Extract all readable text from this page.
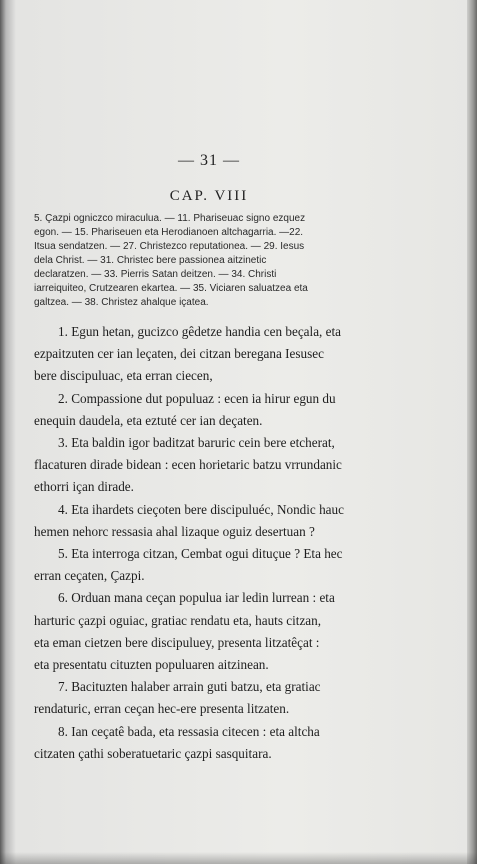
— 31 —
CAP. VIII
5. Çazpi ogniczco miraculua. — 11. Phariseuac signo ezquez
egon. — 15. Phariseuen eta Herodianoen altchagarria. —22.
Itsua sendatzen. — 27. Christezco reputationea. — 29. Iesus
dela Christ. — 31. Christec bere passionea aitzinetic
declaratzen. — 33. Pierris Satan deitzen. — 34. Christi
iarreiquiteo, Crutzearen ekartea. — 35. Viciaren saluatzea eta
galtzea. — 38. Christez ahalque içatea.
1. Egun hetan, gucizco gêdetze handia cen beçala, eta
ezpaitzuten cer ian leçaten, dei citzan beregana Iesusec
bere discipuluac, eta erran ciecen,
2. Compassione dut populuaz : ecen ia hirur egun du
enequin daudela, eta eztuté cer ian deçaten.
3. Eta baldin igor baditzat baruric cein bere etcherat,
flacaturen dirade bidean : ecen horietaric batzu vrrundanic
ethorri içan dirade.
4. Eta ihardets cieçoten bere discipuluéc, Nondic hauc
hemen nehorc ressasia ahal lizaque oguiz desertuan ?
5. Eta interroga citzan, Cembat ogui dituçue ? Eta hec
erran ceçaten, Çazpi.
6. Orduan mana ceçan populua iar ledin lurrean : eta
harturic çazpi oguiac, gratiac rendatu eta, hauts citzan,
eta eman cietzen bere discipuluey, presenta litzatêçat :
eta presentatu cituzten populuaren aitzinean.
7. Bacituzten halaber arrain guti batzu, eta gratiac
rendaturic, erran ceçan hec-ere presenta litzaten.
8. Ian ceçatê bada, eta ressasia citecen : eta altcha
citzaten çathi soberatuetaric çazpi sasquitara.
